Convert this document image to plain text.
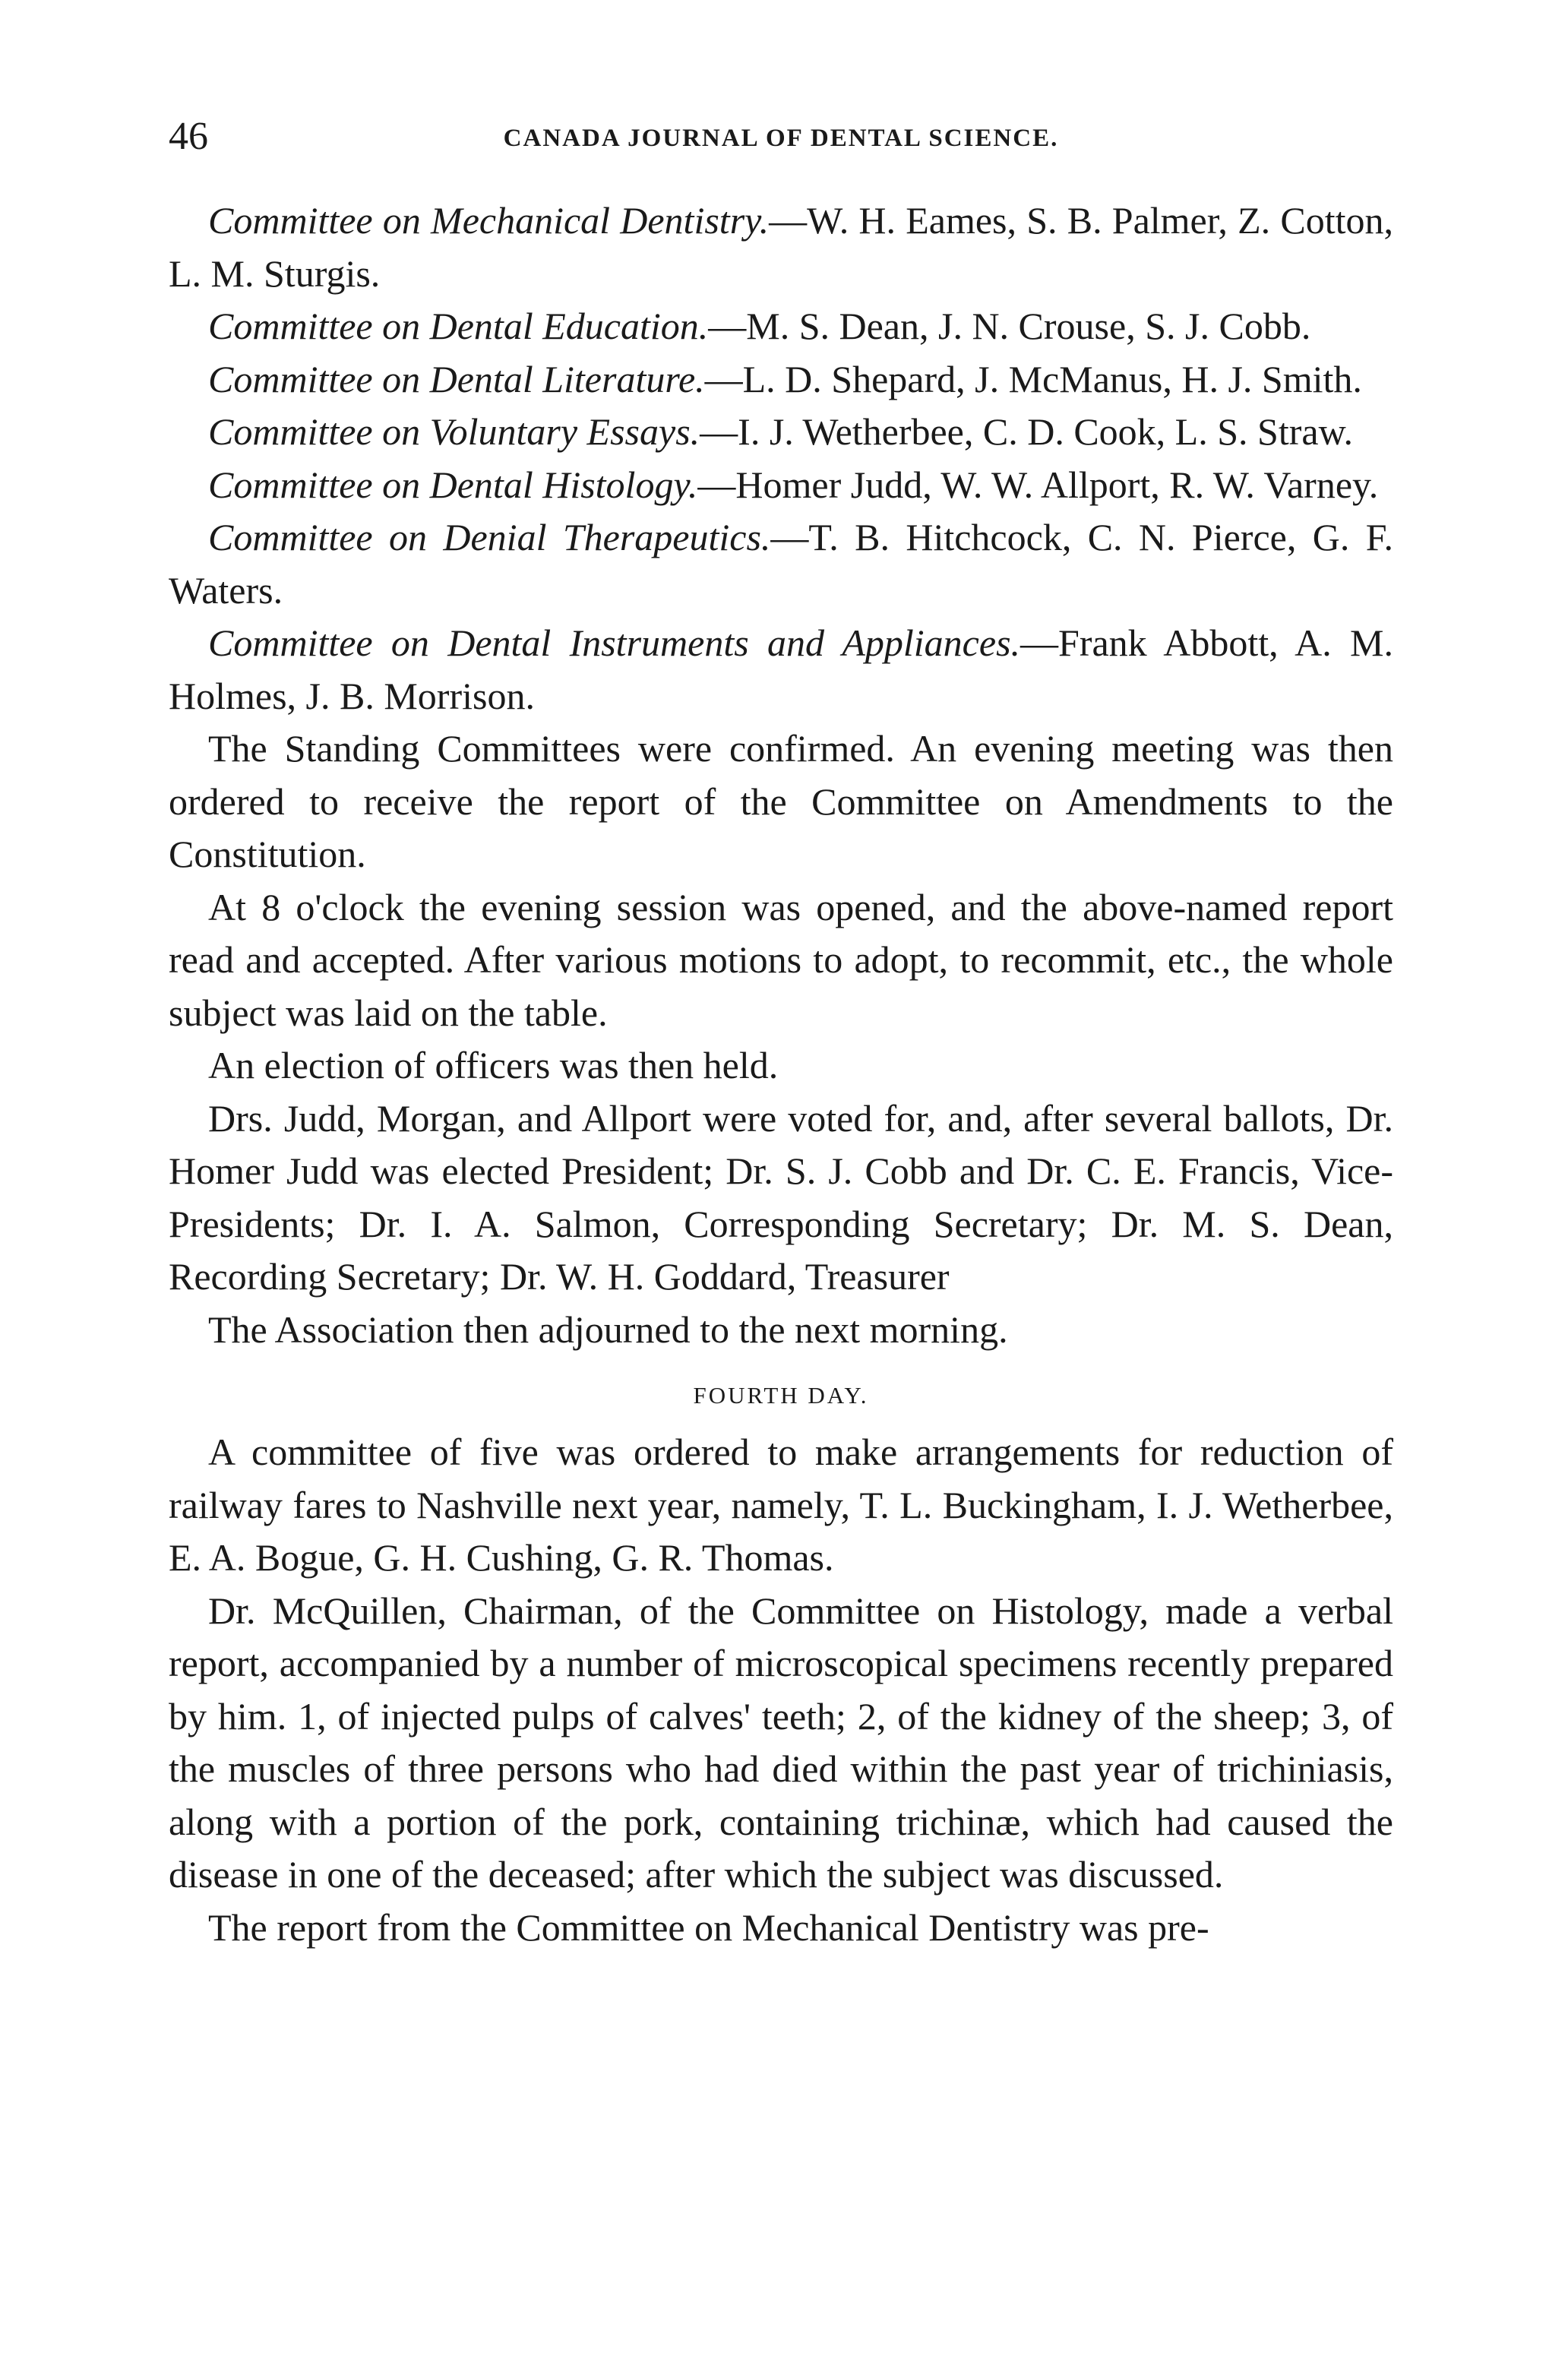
46	CANADA JOURNAL OF DENTAL SCIENCE.

Committee on Mechanical Dentistry.—W. H. Eames, S. B. Palmer, Z. Cotton, L. M. Sturgis.

Committee on Dental Education.—M. S. Dean, J. N. Crouse, S. J. Cobb.

Committee on Dental Literature.—L. D. Shepard, J. McManus, H. J. Smith.

Committee on Voluntary Essays.—I. J. Wetherbee, C. D. Cook, L. S. Straw.

Committee on Dental Histology.—Homer Judd, W. W. Allport, R. W. Varney.

Committee on Denial Therapeutics.—T. B. Hitchcock, C. N. Pierce, G. F. Waters.

Committee on Dental Instruments and Appliances.—Frank Abbott, A. M. Holmes, J. B. Morrison.

The Standing Committees were confirmed. An evening meeting was then ordered to receive the report of the Committee on Amendments to the Constitution.

At 8 o'clock the evening session was opened, and the above-named report read and accepted. After various motions to adopt, to recommit, etc., the whole subject was laid on the table.

An election of officers was then held.

Drs. Judd, Morgan, and Allport were voted for, and, after several ballots, Dr. Homer Judd was elected President; Dr. S. J. Cobb and Dr. C. E. Francis, Vice-Presidents; Dr. I. A. Salmon, Corresponding Secretary; Dr. M. S. Dean, Recording Secretary; Dr. W. H. Goddard, Treasurer

The Association then adjourned to the next morning.

FOURTH DAY.

A committee of five was ordered to make arrangements for reduction of railway fares to Nashville next year, namely, T. L. Buckingham, I. J. Wetherbee, E. A. Bogue, G. H. Cushing, G. R. Thomas.

Dr. McQuillen, Chairman, of the Committee on Histology, made a verbal report, accompanied by a number of microscopical specimens recently prepared by him. 1, of injected pulps of calves' teeth; 2, of the kidney of the sheep; 3, of the muscles of three persons who had died within the past year of trichiniasis, along with a portion of the pork, containing trichinæ, which had caused the disease in one of the deceased; after which the subject was discussed.

The report from the Committee on Mechanical Dentistry was pre-
